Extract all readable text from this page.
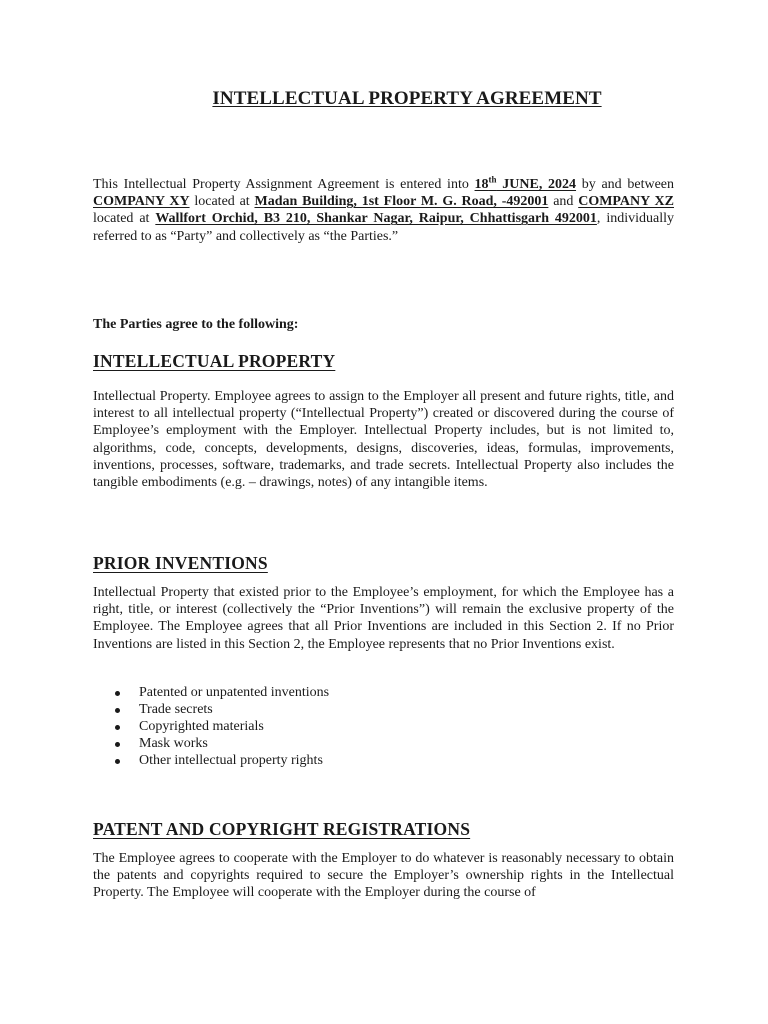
INTELLECTUAL PROPERTY AGREEMENT
This Intellectual Property Assignment Agreement is entered into 18th JUNE, 2024 by and between COMPANY XY located at Madan Building, 1st Floor M. G. Road, -492001 and COMPANY XZ located at Wallfort Orchid, B3 210, Shankar Nagar, Raipur, Chhattisgarh 492001, individually referred to as “Party” and collectively as “the Parties.”
The Parties agree to the following:
INTELLECTUAL PROPERTY
Intellectual Property. Employee agrees to assign to the Employer all present and future rights, title, and interest to all intellectual property (“Intellectual Property”) created or discovered during the course of Employee’s employment with the Employer. Intellectual Property includes, but is not limited to, algorithms, code, concepts, developments, designs, discoveries, ideas, formulas, improvements, inventions, processes, software, trademarks, and trade secrets. Intellectual Property also includes the tangible embodiments (e.g. – drawings, notes) of any intangible items.
PRIOR INVENTIONS
Intellectual Property that existed prior to the Employee’s employment, for which the Employee has a right, title, or interest (collectively the “Prior Inventions”) will remain the exclusive property of the Employee. The Employee agrees that all Prior Inventions are included in this Section 2. If no Prior Inventions are listed in this Section 2, the Employee represents that no Prior Inventions exist.
Patented or unpatented inventions
Trade secrets
Copyrighted materials
Mask works
Other intellectual property rights
PATENT AND COPYRIGHT REGISTRATIONS
The Employee agrees to cooperate with the Employer to do whatever is reasonably necessary to obtain the patents and copyrights required to secure the Employer’s ownership rights in the Intellectual Property. The Employee will cooperate with the Employer during the course of
